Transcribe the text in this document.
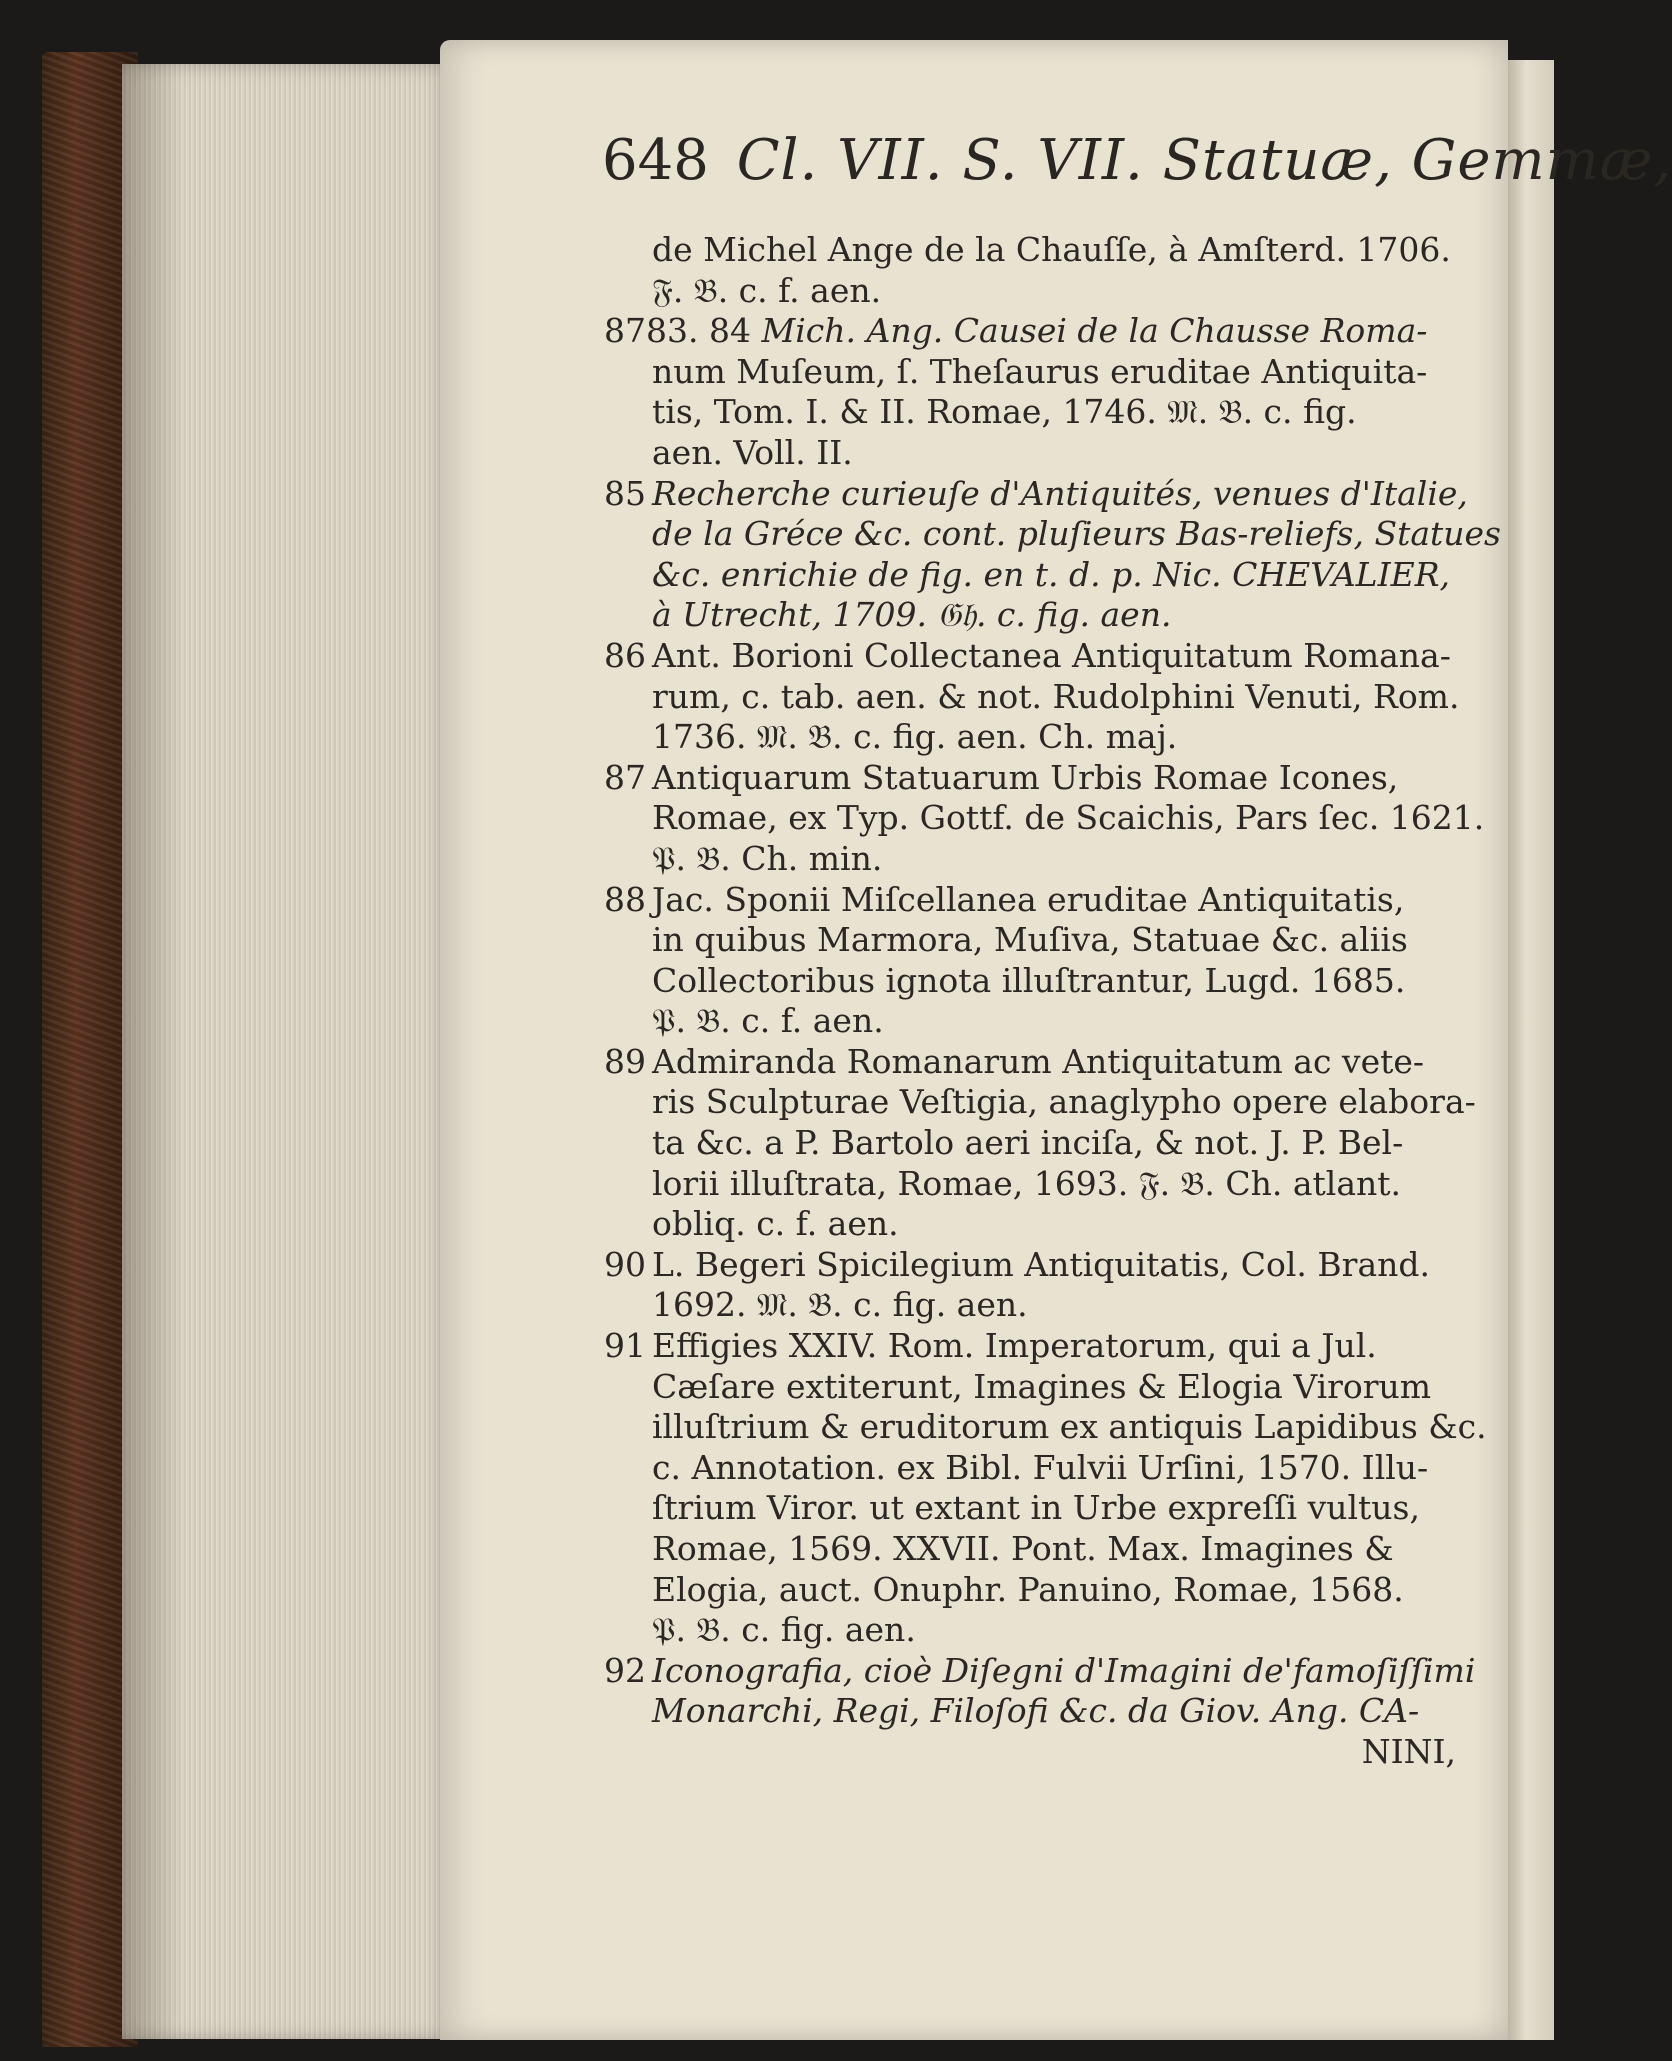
648 Cl. VII. S. VII. Statuæ, Gemmæ,
de Michel Ange de la Chauſſe, à Amſterd. 1706.
𝔉. 𝔅. c. f. aen.
8783. 84 Mich. Ang. Causei de la Chausse Roma-
num Muſeum, ſ. Theſaurus eruditae Antiquita-
tis, Tom. I. & II. Romae, 1746. 𝔐. 𝔅. c. fig.
aen. Voll. II.
85 Recherche curieuſe d'Antiquités, venues d'Italie,
de la Gréce &c. cont. pluſieurs Bas-reliefs, Statues
&c. enrichie de fig. en t. d. p. Nic. CHEVALIER,
à Utrecht, 1709. 𝔊𝔥. c. fig. aen.
86 Ant. Borioni Collectanea Antiquitatum Romana-
rum, c. tab. aen. & not. Rudolphini Venuti, Rom.
1736. 𝔐. 𝔅. c. fig. aen. Ch. maj.
87 Antiquarum Statuarum Urbis Romae Icones,
Romae, ex Typ. Gottf. de Scaichis, Pars ſec. 1621.
𝔓. 𝔅. Ch. min.
88 Jac. Sponii Miſcellanea eruditae Antiquitatis,
in quibus Marmora, Muſiva, Statuae &c. aliis
Collectoribus ignota illuſtrantur, Lugd. 1685.
𝔓. 𝔅. c. f. aen.
89 Admiranda Romanarum Antiquitatum ac vete-
ris Sculpturae Veſtigia, anaglypho opere elabora-
ta &c. a P. Bartolo aeri inciſa, & not. J. P. Bel-
lorii illuſtrata, Romae, 1693. 𝔉. 𝔅. Ch. atlant.
obliq. c. f. aen.
90 L. Begeri Spicilegium Antiquitatis, Col. Brand.
1692. 𝔐. 𝔅. c. fig. aen.
91 Effigies XXIV. Rom. Imperatorum, qui a Jul.
Cæſare extiterunt, Imagines & Elogia Virorum
illuſtrium & eruditorum ex antiquis Lapidibus &c.
c. Annotation. ex Bibl. Fulvii Urſini, 1570. Illu-
ſtrium Viror. ut extant in Urbe expreſſi vultus,
Romae, 1569. XXVII. Pont. Max. Imagines &
Elogia, auct. Onuphr. Panuino, Romae, 1568.
𝔓. 𝔅. c. fig. aen.
92 Iconografia, cioè Diſegni d'Imagini de'famoſiſſimi
Monarchi, Regi, Filoſofi &c. da Giov. Ang. CA-
NINI,
